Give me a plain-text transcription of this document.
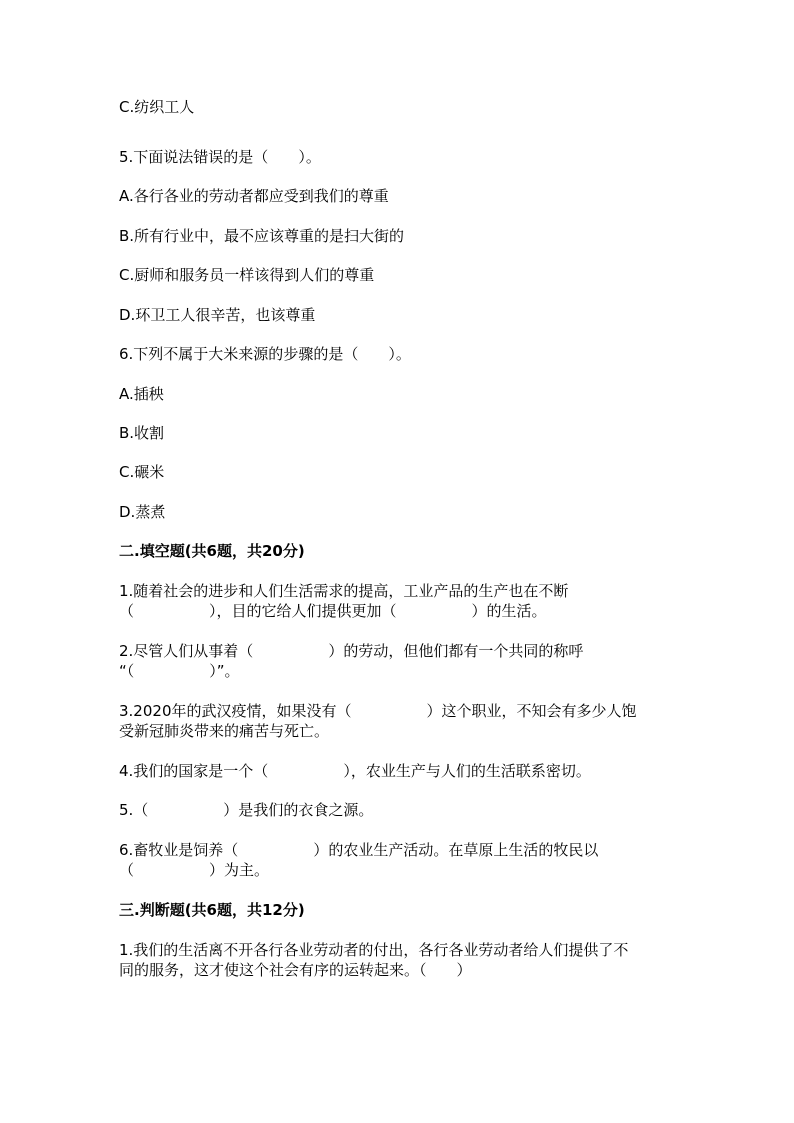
C.纺织工人
5.下面说法错误的是（　　）。
A.各行各业的劳动者都应受到我们的尊重
B.所有行业中，最不应该尊重的是扫大街的
C.厨师和服务员一样该得到人们的尊重
D.环卫工人很辛苦，也该尊重
6.下列不属于大米来源的步骤的是（　　）。
A.插秧
B.收割
C.碾米
D.蒸煮
二.填空题(共6题，共20分)
1.随着社会的进步和人们生活需求的提高，工业产品的生产也在不断
（　　　　　），目的它给人们提供更加（　　　　　）的生活。
2.尽管人们从事着（　　　　　）的劳动，但他们都有一个共同的称呼
“（　　　　　）”。
3.2020年的武汉疫情，如果没有（　　　　　）这个职业，不知会有多少人饱
受新冠肺炎带来的痛苦与死亡。
4.我们的国家是一个（　　　　　），农业生产与人们的生活联系密切。
5.（　　　　　）是我们的衣食之源。
6.畜牧业是饲养（　　　　　）的农业生产活动。在草原上生活的牧民以
（　　　　　）为主。
三.判断题(共6题，共12分)
1.我们的生活离不开各行各业劳动者的付出，各行各业劳动者给人们提供了不
同的服务，这才使这个社会有序的运转起来。（　　）
